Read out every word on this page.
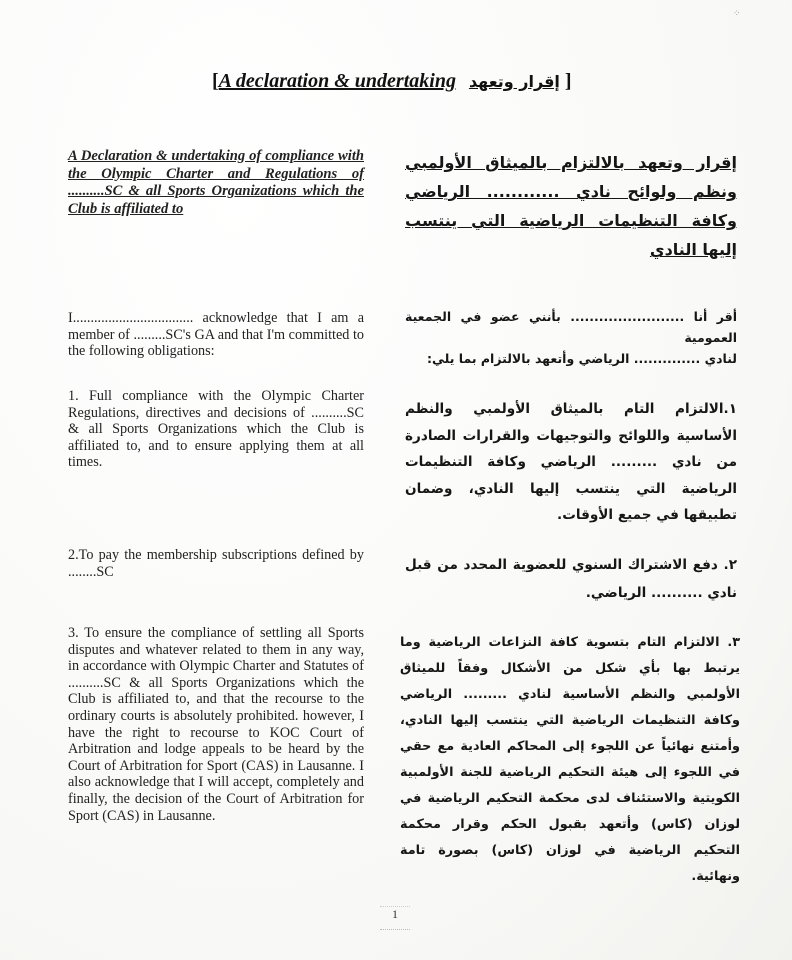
⁘
[A declaration & undertaking إقرار وتعهد ]
A Declaration & undertaking of compliance with the Olympic Charter and Regulations of ..........SC & all Sports Organizations which the Club is affiliated to
I.................................. acknowledge that I am a member of .........SC's GA and that I'm committed to the following obligations:
1. Full compliance with the Olympic Charter Regulations, directives and decisions of ..........SC & all Sports Organizations which the Club is affiliated to, and to ensure applying them at all times.
2.To pay the membership subscriptions defined by ........SC
3. To ensure the compliance of settling all Sports disputes and whatever related to them in any way, in accordance with Olympic Charter and Statutes of ..........SC & all Sports Organizations which the Club is affiliated to, and that the recourse to the ordinary courts is absolutely prohibited. however, I have the right to recourse to KOC Court of Arbitration and lodge appeals to be heard by the Court of Arbitration for Sport (CAS) in Lausanne. I also acknowledge that I will accept, completely and finally, the decision of the Court of Arbitration for Sport (CAS) in Lausanne.
إقرار وتعهد بالالتزام بالميثاق الأولمبي ونظم ولوائح نادي ............ الرياضي وكافة التنظيمات الرياضية التي ينتسب إليها النادي
أقر أنا ........................ بأنني عضو في الجمعية العمومية
لنادي .............. الرياضي وأتعهد بالالتزام بما يلي:
١.الالتزام التام بالميثاق الأولمبي والنظم الأساسية واللوائح والتوجيهات والقرارات الصادرة من نادي ......... الرياضي وكافة التنظيمات الرياضية التي ينتسب إليها النادي، وضمان تطبيقها في جميع الأوقات.
٢. دفع الاشتراك السنوي للعضوية المحدد من قبل نادي .......... الرياضي.
٣. الالتزام التام بتسوية كافة النزاعات الرياضية وما يرتبط بها بأي شكل من الأشكال وفقاً للميثاق الأولمبي والنظم الأساسية لنادي ......... الرياضي وكافة التنظيمات الرياضية التي ينتسب إليها النادي، وأمتنع نهائياً عن اللجوء إلى المحاكم العادية مع حقي في اللجوء إلى هيئة التحكيم الرياضية للجنة الأولمبية الكويتية والاستئناف لدى محكمة التحكيم الرياضية في لوزان (كاس) وأتعهد بقبول الحكم وقرار محكمة التحكيم الرياضية في لوزان (كاس) بصورة تامة ونهائية.
1
